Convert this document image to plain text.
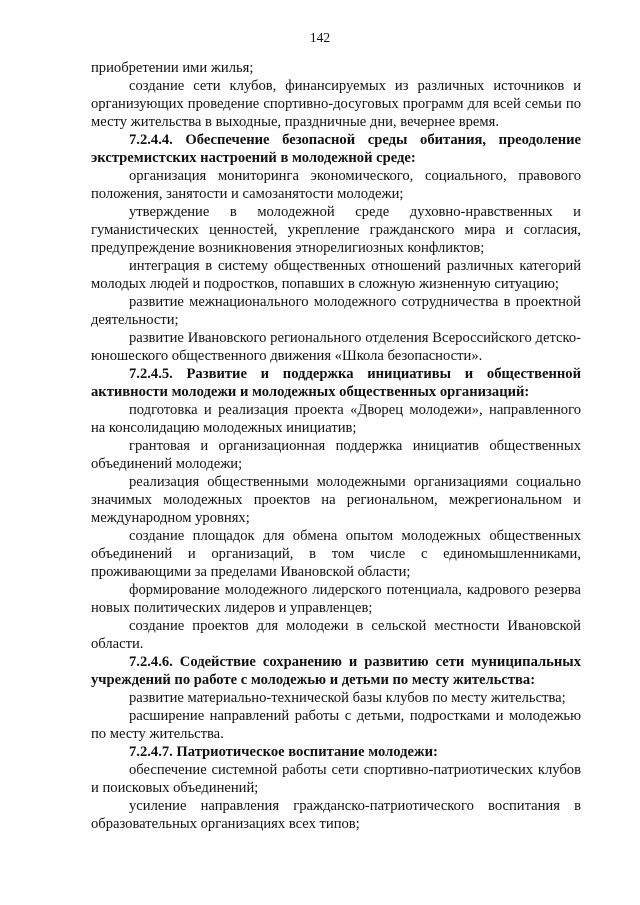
142

приобретении ими жилья;

создание сети клубов, финансируемых из различных источников и организующих проведение спортивно-досуговых программ для всей семьи по месту жительства в выходные, праздничные дни, вечернее время.

7.2.4.4. Обеспечение безопасной среды обитания, преодоление экстремистских настроений в молодежной среде:

организация мониторинга экономического, социального, правового положения, занятости и самозанятости молодежи;

утверждение в молодежной среде духовно-нравственных и гуманистических ценностей, укрепление гражданского мира и согласия, предупреждение возникновения этнорелигиозных конфликтов;

интеграция в систему общественных отношений различных категорий молодых людей и подростков, попавших в сложную жизненную ситуацию;

развитие межнационального молодежного сотрудничества в проектной деятельности;

развитие Ивановского регионального отделения Всероссийского детско-юношеского общественного движения «Школа безопасности».

7.2.4.5. Развитие и поддержка инициативы и общественной активности молодежи и молодежных общественных организаций:

подготовка и реализация проекта «Дворец молодежи», направленного на консолидацию молодежных инициатив;

грантовая и организационная поддержка инициатив общественных объединений молодежи;

реализация общественными молодежными организациями социально значимых молодежных проектов на региональном, межрегиональном и международном уровнях;

создание площадок для обмена опытом молодежных общественных объединений и организаций, в том числе с единомышленниками, проживающими за пределами Ивановской области;

формирование молодежного лидерского потенциала, кадрового резерва новых политических лидеров и управленцев;

создание проектов для молодежи в сельской местности Ивановской области.

7.2.4.6. Содействие сохранению и развитию сети муниципальных учреждений по работе с молодежью и детьми по месту жительства:

развитие материально-технической базы клубов по месту жительства;

расширение направлений работы с детьми, подростками и молодежью по месту жительства.

7.2.4.7. Патриотическое воспитание молодежи:

обеспечение системной работы сети спортивно-патриотических клубов и поисковых объединений;

усиление направления гражданско-патриотического воспитания в образовательных организациях всех типов;
